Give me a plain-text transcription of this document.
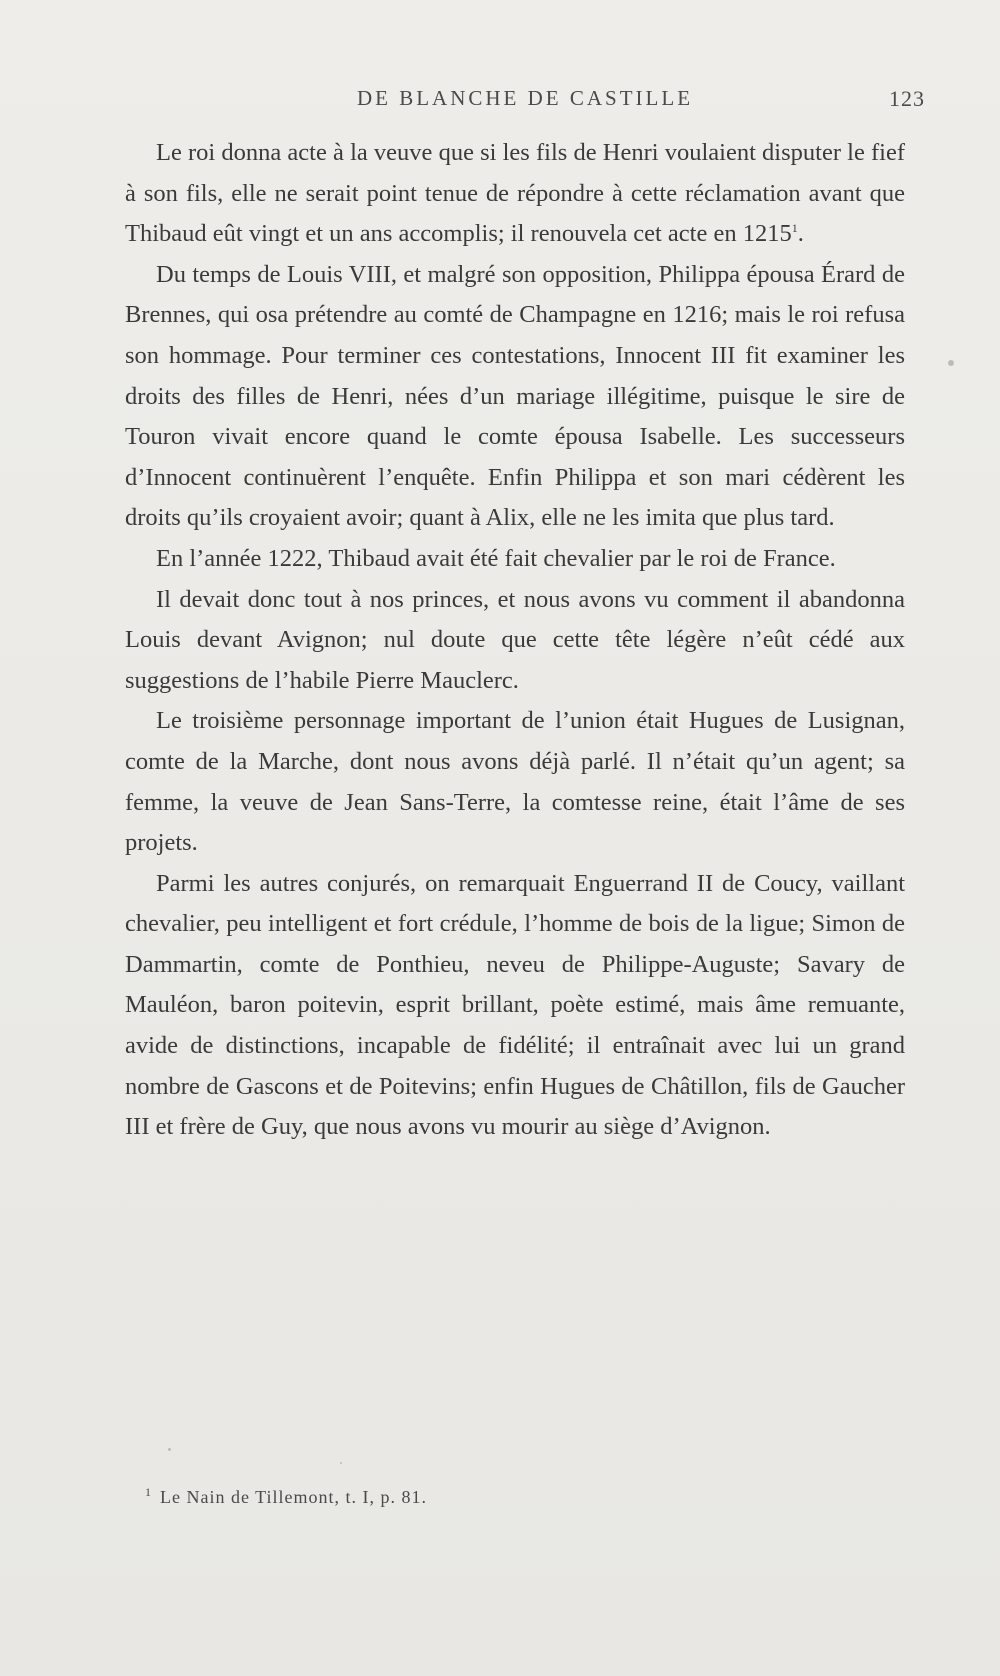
DE BLANCHE DE CASTILLE	123

Le roi donna acte à la veuve que si les fils de Henri voulaient disputer le fief à son fils, elle ne serait point tenue de répondre à cette réclamation avant que Thibaud eût vingt et un ans accomplis; il renouvela cet acte en 1215$^1$.

Du temps de Louis VIII, et malgré son opposition, Philippa épousa Érard de Brennes, qui osa prétendre au comté de Champagne en 1216; mais le roi refusa son hommage. Pour terminer ces contestations, Innocent III fit examiner les droits des filles de Henri, nées d’un mariage illégitime, puisque le sire de Touron vivait encore quand le comte épousa Isabelle. Les successeurs d’Innocent continuèrent l’enquête. Enfin Philippa et son mari cédèrent les droits qu’ils croyaient avoir; quant à Alix, elle ne les imita que plus tard.

En l’année 1222, Thibaud avait été fait chevalier par le roi de France.

Il devait donc tout à nos princes, et nous avons vu comment il abandonna Louis devant Avignon; nul doute que cette tête légère n’eût cédé aux suggestions de l’habile Pierre Mauclerc.

Le troisième personnage important de l’union était Hugues de Lusignan, comte de la Marche, dont nous avons déjà parlé. Il n’était qu’un agent; sa femme, la veuve de Jean Sans-Terre, la comtesse reine, était l’âme de ses projets.

Parmi les autres conjurés, on remarquait Enguerrand II de Coucy, vaillant chevalier, peu intelligent et fort crédule, l’homme de bois de la ligue; Simon de Dammartin, comte de Ponthieu, neveu de Philippe-Auguste; Savary de Mauléon, baron poitevin, esprit brillant, poète estimé, mais âme remuante, avide de distinctions, incapable de fidélité; il entraînait avec lui un grand nombre de Gascons et de Poitevins; enfin Hugues de Châtillon, fils de Gaucher III et frère de Guy, que nous avons vu mourir au siège d’Avignon.

$^1$ Le Nain de Tillemont, t. I, p. 81.
